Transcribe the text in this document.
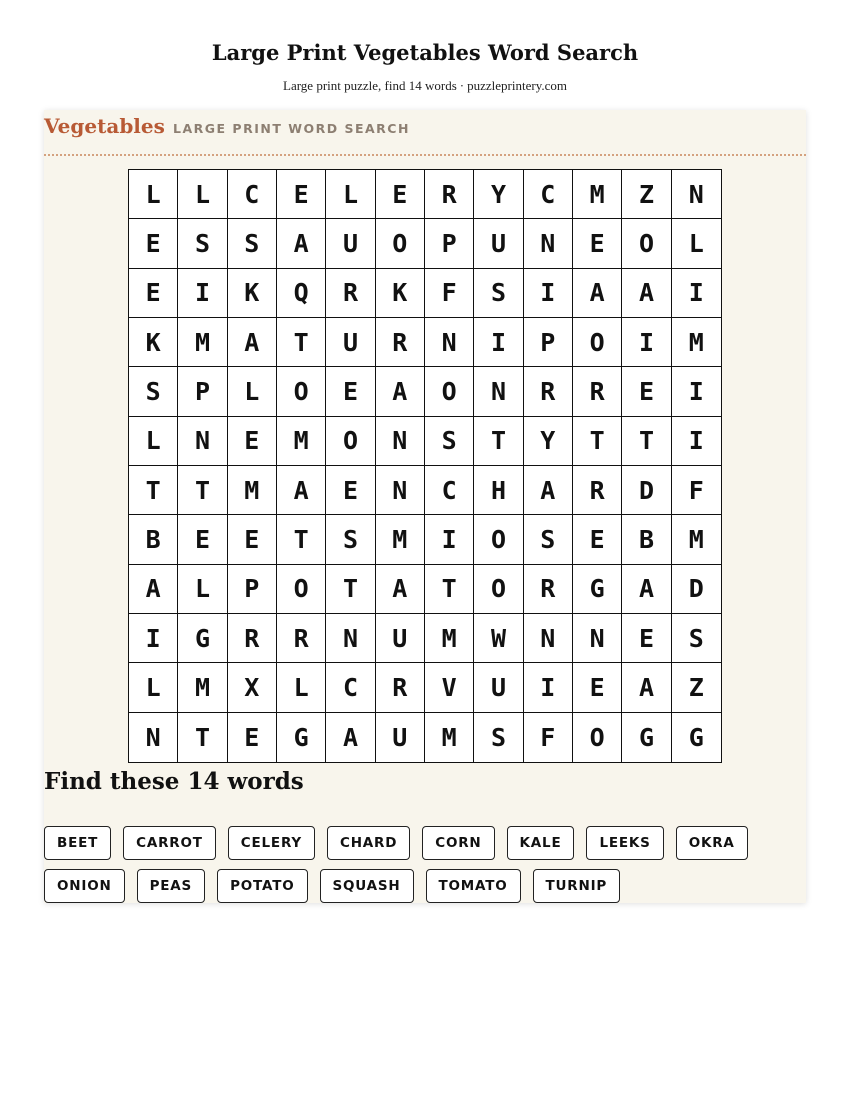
Large Print Vegetables Word Search
Large print puzzle, find 14 words · puzzleprintery.com
Vegetables LARGE PRINT WORD SEARCH
L	L	C	E	L	E	R	Y	C	M	Z	N
E	S	S	A	U	O	P	U	N	E	O	L
E	I	K	Q	R	K	F	S	I	A	A	I
K	M	A	T	U	R	N	I	P	O	I	M
S	P	L	O	E	A	O	N	R	R	E	I
L	N	E	M	O	N	S	T	Y	T	T	I
T	T	M	A	E	N	C	H	A	R	D	F
B	E	E	T	S	M	I	O	S	E	B	M
A	L	P	O	T	A	T	O	R	G	A	D
I	G	R	R	N	U	M	W	N	N	E	S
L	M	X	L	C	R	V	U	I	E	A	Z
N	T	E	G	A	U	M	S	F	O	G	G
Find these 14 words
BEET	CARROT	CELERY	CHARD	CORN	KALE	LEEKS	OKRA
ONION	PEAS	POTATO	SQUASH	TOMATO	TURNIP
